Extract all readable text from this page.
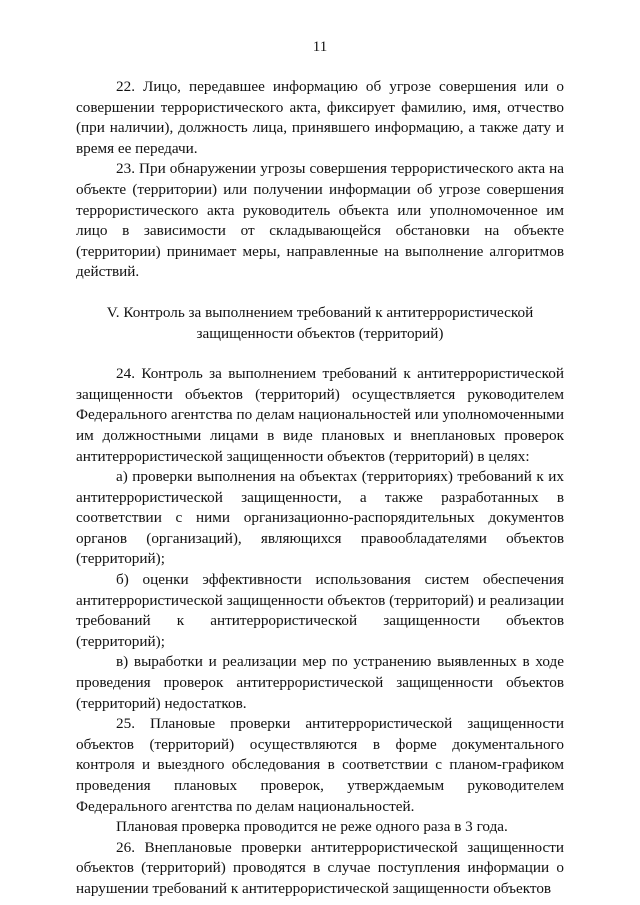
11

22. Лицо, передавшее информацию об угрозе совершения или о совершении террористического акта, фиксирует фамилию, имя, отчество (при наличии), должность лица, принявшего информацию, а также дату и время ее передачи.

23. При обнаружении угрозы совершения террористического акта на объекте (территории) или получении информации об угрозе совершения террористического акта руководитель объекта или уполномоченное им лицо в зависимости от складывающейся обстановки на объекте (территории) принимает меры, направленные на выполнение алгоритмов действий.

V. Контроль за выполнением требований к антитеррористической
защищенности объектов (территорий)

24. Контроль за выполнением требований к антитеррористической защищенности объектов (территорий) осуществляется руководителем Федерального агентства по делам национальностей или уполномоченными им должностными лицами в виде плановых и внеплановых проверок антитеррористической защищенности объектов (территорий) в целях:

а) проверки выполнения на объектах (территориях) требований к их антитеррористической защищенности, а также разработанных в соответствии с ними организационно-распорядительных документов органов (организаций), являющихся правообладателями объектов (территорий);

б) оценки эффективности использования систем обеспечения антитеррористической защищенности объектов (территорий) и реализации требований к антитеррористической защищенности объектов (территорий);

в) выработки и реализации мер по устранению выявленных в ходе проведения проверок антитеррористической защищенности объектов (территорий) недостатков.

25. Плановые проверки антитеррористической защищенности объектов (территорий) осуществляются в форме документального контроля и выездного обследования в соответствии с планом-графиком проведения плановых проверок, утверждаемым руководителем Федерального агентства по делам национальностей.

Плановая проверка проводится не реже одного раза в 3 года.

26. Внеплановые проверки антитеррористической защищенности объектов (территорий) проводятся в случае поступления информации о нарушении требований к антитеррористической защищенности объектов
